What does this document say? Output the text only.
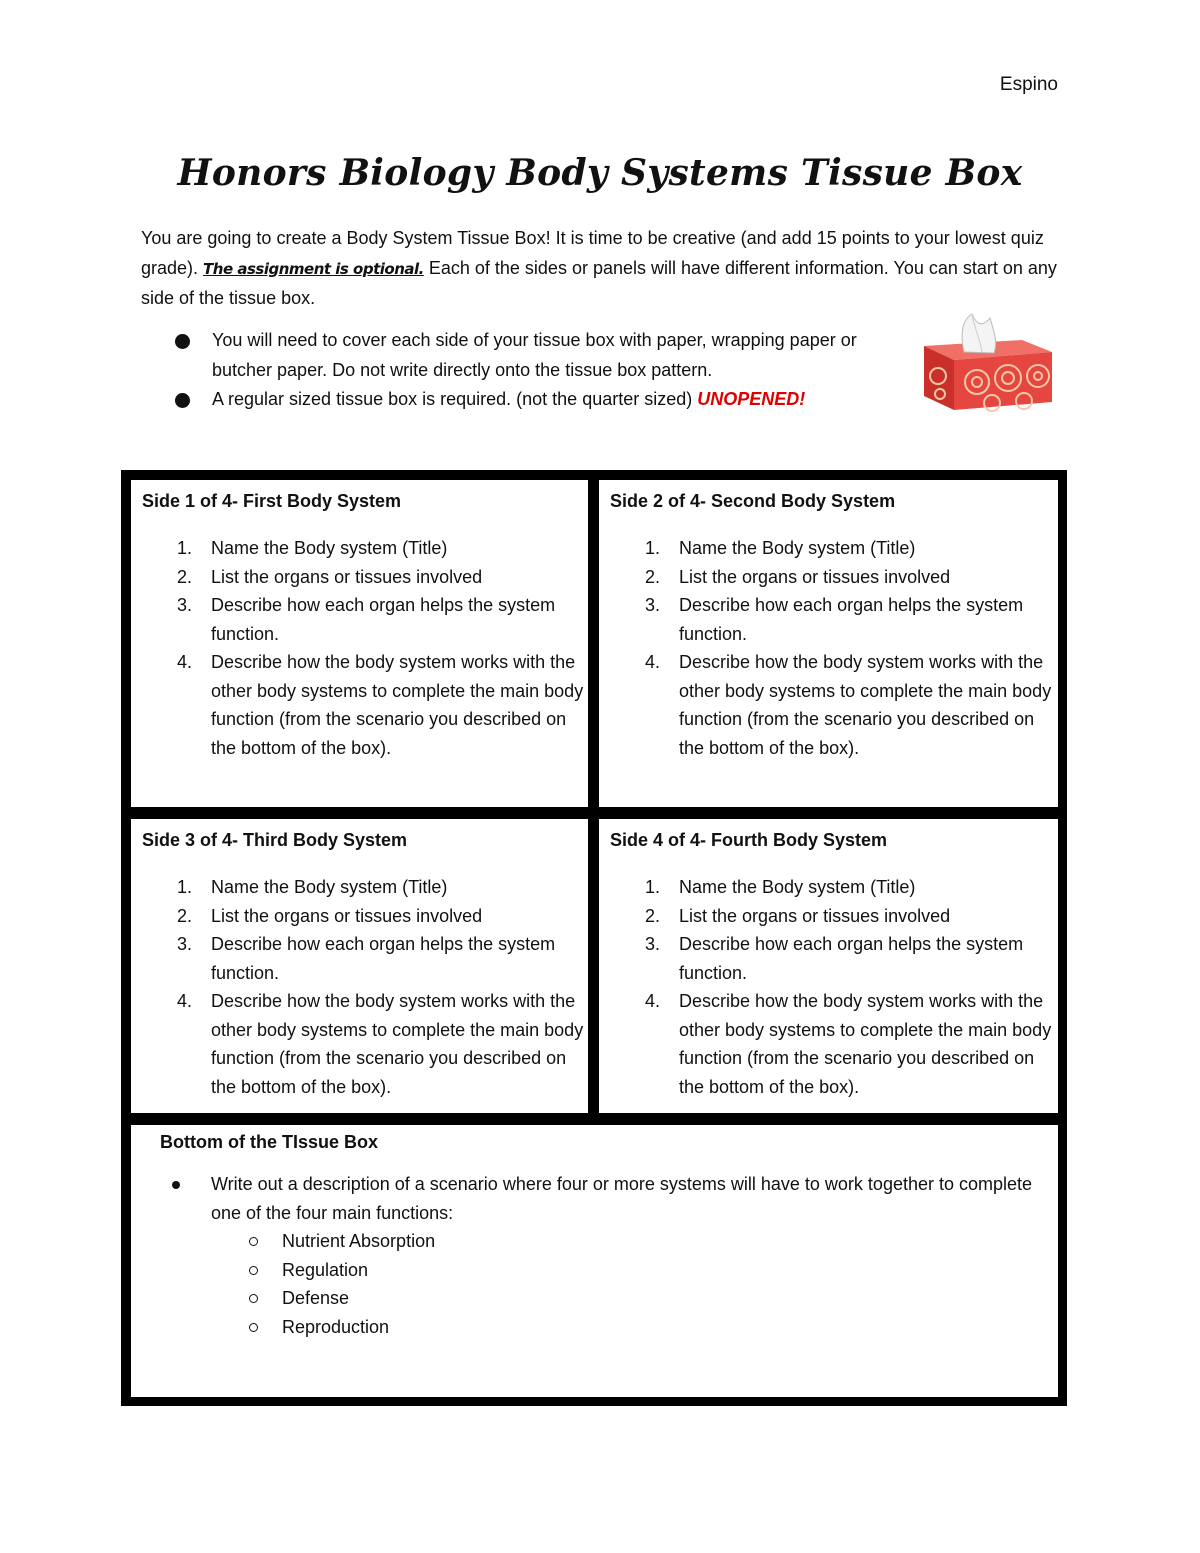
Espino
Honors Biology Body Systems Tissue Box
You are going to create a Body System Tissue Box! It is time to be creative (and add 15 points to your lowest quiz grade). The assignment is optional. Each of the sides or panels will have different information. You can start on any side of the tissue box.
You will need to cover each side of your tissue box with paper, wrapping paper or butcher paper. Do not write directly onto the tissue box pattern.
A regular sized tissue box is required. (not the quarter sized) UNOPENED!
Side 1 of 4- First Body System
1. Name the Body system (Title)
2. List the organs or tissues involved
3. Describe how each organ helps the system function.
4. Describe how the body system works with the other body systems to complete the main body function (from the scenario you described on the bottom of the box).
Side 2 of 4- Second Body System
1. Name the Body system (Title)
2. List the organs or tissues involved
3. Describe how each organ helps the system function.
4. Describe how the body system works with the other body systems to complete the main body function (from the scenario you described on the bottom of the box).
Side 3 of 4- Third Body System
1. Name the Body system (Title)
2. List the organs or tissues involved
3. Describe how each organ helps the system function.
4. Describe how the body system works with the other body systems to complete the main body function (from the scenario you described on the bottom of the box).
Side 4 of 4- Fourth Body System
1. Name the Body system (Title)
2. List the organs or tissues involved
3. Describe how each organ helps the system function.
4. Describe how the body system works with the other body systems to complete the main body function (from the scenario you described on the bottom of the box).
Bottom of the TIssue Box
Write out a description of a scenario where four or more systems will have to work together to complete one of the four main functions:
Nutrient Absorption
Regulation
Defense
Reproduction
